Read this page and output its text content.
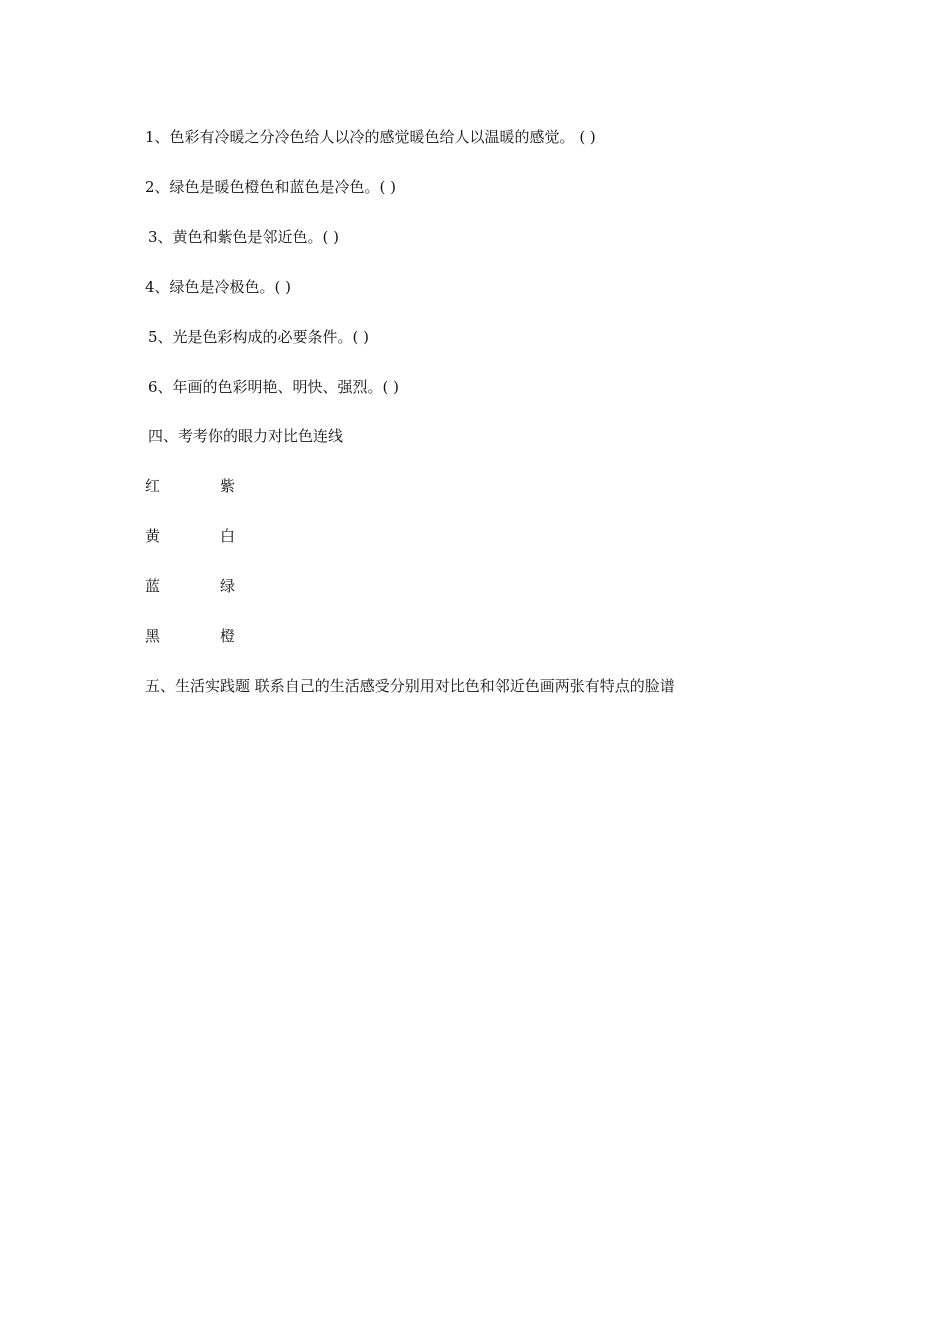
1、色彩有冷暖之分冷色给人以冷的感觉暖色给人以温暖的感觉。 ( )
2、绿色是暖色橙色和蓝色是冷色。( )
3、黄色和紫色是邻近色。( )
4、绿色是冷极色。( )
5、光是色彩构成的必要条件。( )
6、年画的色彩明艳、明快、强烈。( )
四、考考你的眼力对比色连线
红	紫
黄	白
蓝	绿
黑	橙
五、生活实践题 联系自己的生活感受分别用对比色和邻近色画两张有特点的脸谱
